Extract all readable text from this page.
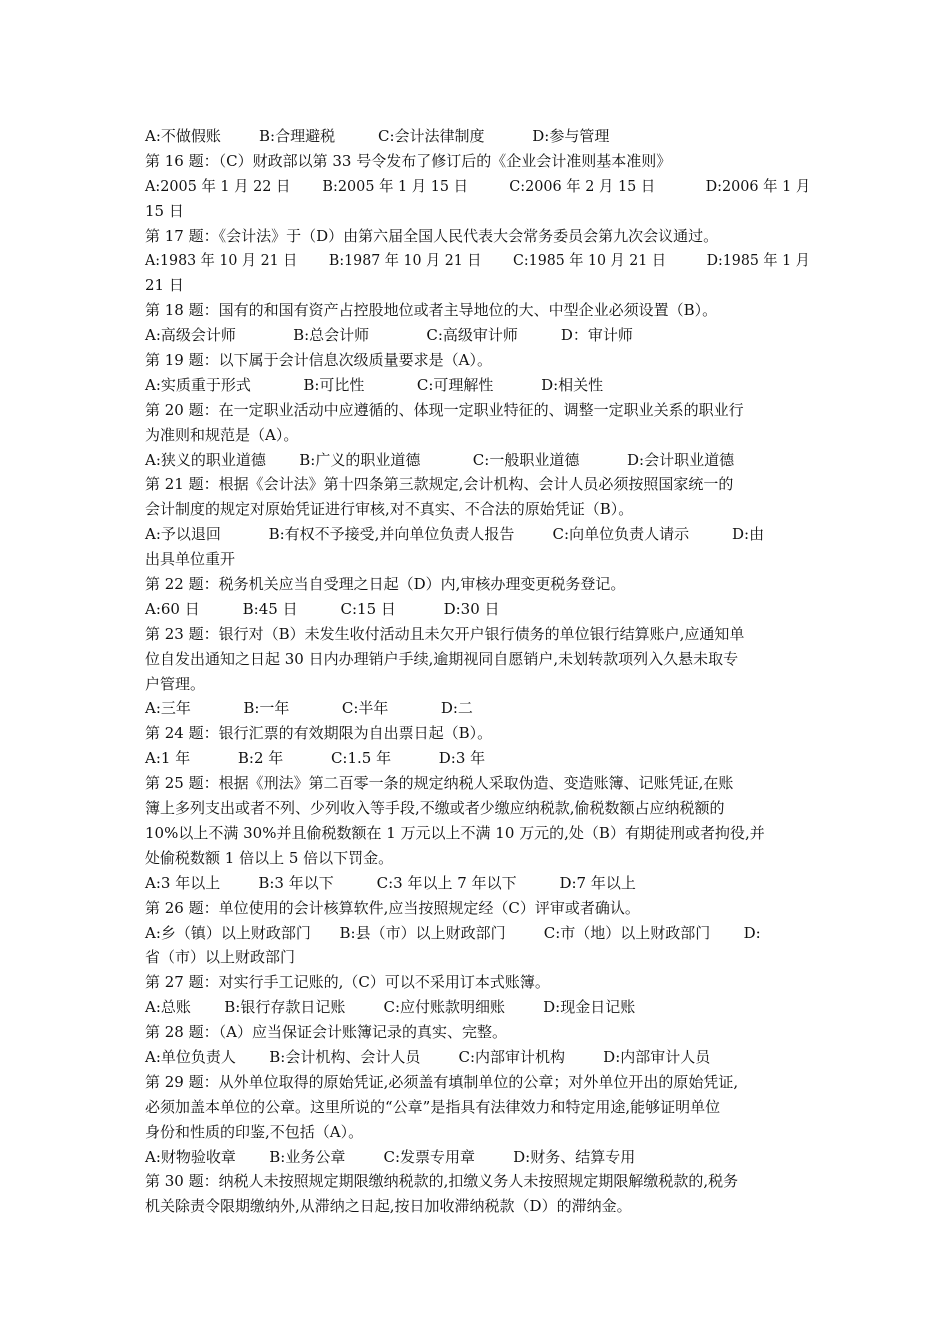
A:不做假账        B:合理避税         C:会计法律制度          D:参与管理
第 16 题：（C）财政部以第 33 号令发布了修订后的《企业会计准则基本准则》
A:2005 年 1 月 22 日       B:2005 年 1 月 15 日         C:2006 年 2 月 15 日           D:2006 年 1 月
15 日
第 17 题：《会计法》于（D）由第六届全国人民代表大会常务委员会第九次会议通过。
A:1983 年 10 月 21 日       B:1987 年 10 月 21 日       C:1985 年 10 月 21 日         D:1985 年 1 月
21 日
第 18 题：国有的和国有资产占控股地位或者主导地位的大、中型企业必须设置（B）。
A:高级会计师            B:总会计师            C:高级审计师         D：审计师
第 19 题：以下属于会计信息次级质量要求是（A）。
A:实质重于形式           B:可比性           C:可理解性          D:相关性
第 20 题：在一定职业活动中应遵循的、体现一定职业特征的、调整一定职业关系的职业行
为准则和规范是（A）。
A:狭义的职业道德       B:广义的职业道德           C:一般职业道德          D:会计职业道德
第 21 题：根据《会计法》第十四条第三款规定,会计机构、会计人员必须按照国家统一的
会计制度的规定对原始凭证进行审核,对不真实、不合法的原始凭证（B）。
A:予以退回          B:有权不予接受,并向单位负责人报告        C:向单位负责人请示         D:由
出具单位重开
第 22 题：税务机关应当自受理之日起（D）内,审核办理变更税务登记。
A:60 日         B:45 日         C:15 日          D:30 日
第 23 题：银行对（B）未发生收付活动且未欠开户银行债务的单位银行结算账户,应通知单
位自发出通知之日起 30 日内办理销户手续,逾期视同自愿销户,未划转款项列入久悬未取专
户管理。
A:三年           B:一年           C:半年           D:二
第 24 题：银行汇票的有效期限为自出票日起（B）。
A:1 年          B:2 年          C:1.5 年          D:3 年
第 25 题：根据《刑法》第二百零一条的规定纳税人采取伪造、变造账簿、记账凭证,在账
簿上多列支出或者不列、少列收入等手段,不缴或者少缴应纳税款,偷税数额占应纳税额的
10%以上不满 30%并且偷税数额在 1 万元以上不满 10 万元的,处（B）有期徒刑或者拘役,并
处偷税数额 1 倍以上 5 倍以下罚金。
A:3 年以上        B:3 年以下         C:3 年以上 7 年以下         D:7 年以上
第 26 题：单位使用的会计核算软件,应当按照规定经（C）评审或者确认。
A:乡（镇）以上财政部门      B:县（市）以上财政部门        C:市（地）以上财政部门       D:
省（市）以上财政部门
第 27 题：对实行手工记账的,（C）可以不采用订本式账簿。
A:总账       B:银行存款日记账        C:应付账款明细账        D:现金日记账
第 28 题：（A）应当保证会计账簿记录的真实、完整。
A:单位负责人       B:会计机构、会计人员        C:内部审计机构        D:内部审计人员
第 29 题：从外单位取得的原始凭证,必须盖有填制单位的公章；对外单位开出的原始凭证,
必须加盖本单位的公章。这里所说的“公章”是指具有法律效力和特定用途,能够证明单位
身份和性质的印鉴,不包括（A）。
A:财物验收章       B:业务公章        C:发票专用章        D:财务、结算专用
第 30 题：纳税人未按照规定期限缴纳税款的,扣缴义务人未按照规定期限解缴税款的,税务
机关除责令限期缴纳外,从滞纳之日起,按日加收滞纳税款（D）的滞纳金。
